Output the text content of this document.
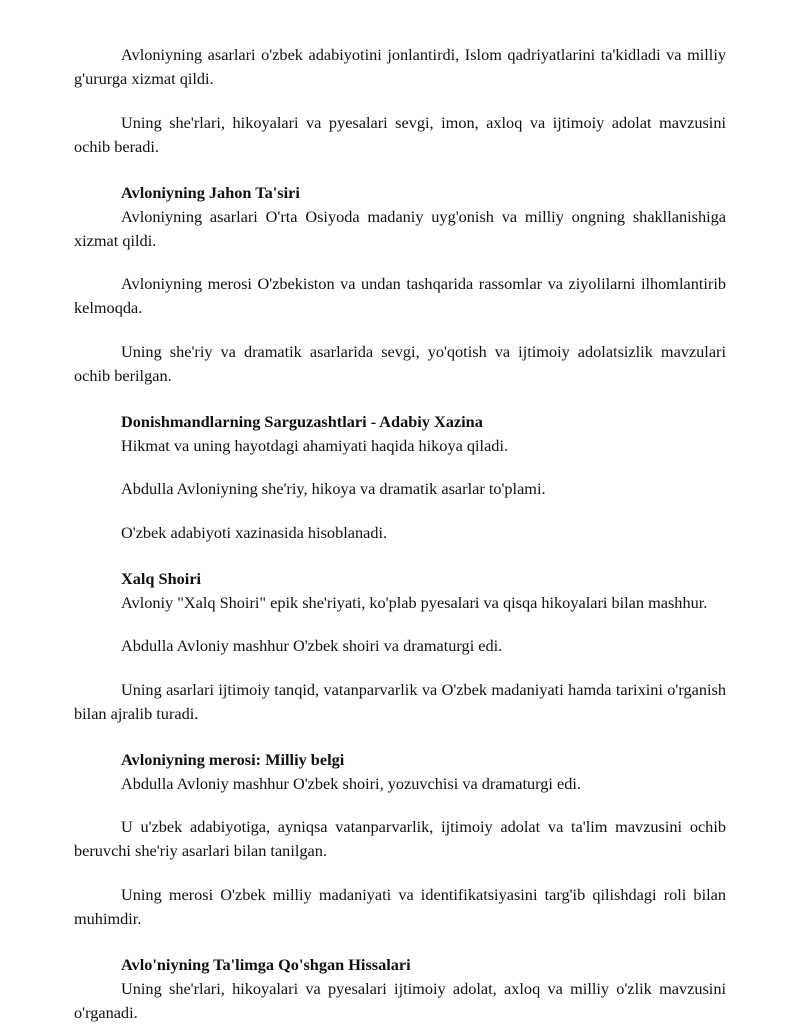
Avloniyning asarlari o'zbek adabiyotini jonlantirdi, Islom qadriyatlarini ta'kidladi va milliy g'ururga xizmat qildi.

Uning she'rlari, hikoyalari va pyesalari sevgi, imon, axloq va ijtimoiy adolat mavzusini ochib beradi.

Avloniyning Jahon Ta'siri

Avloniyning asarlari O'rta Osiyoda madaniy uyg'onish va milliy ongning shakllanishiga xizmat qildi.

Avloniyning merosi O'zbekiston va undan tashqarida rassomlar va ziyolilarni ilhomlantirib kelmoqda.

Uning she'riy va dramatik asarlarida sevgi, yo'qotish va ijtimoiy adolatsizlik mavzulari ochib berilgan.

Donishmandlarning Sarguzashtlari - Adabiy Xazina

Hikmat va uning hayotdagi ahamiyati haqida hikoya qiladi.

Abdulla Avloniyning she'riy, hikoya va dramatik asarlar to'plami.

O'zbek adabiyoti xazinasida hisoblanadi.

Xalq Shoiri

Avloniy "Xalq Shoiri" epik she'riyati, ko'plab pyesalari va qisqa hikoyalari bilan mashhur.

Abdulla Avloniy mashhur O'zbek shoiri va dramaturgi edi.

Uning asarlari ijtimoiy tanqid, vatanparvarlik va O'zbek madaniyati hamda tarixini o'rganish bilan ajralib turadi.

Avloniyning merosi: Milliy belgi

Abdulla Avloniy mashhur O'zbek shoiri, yozuvchisi va dramaturgi edi.

U u'zbek adabiyotiga, ayniqsa vatanparvarlik, ijtimoiy adolat va ta'lim mavzusini ochib beruvchi she'riy asarlari bilan tanilgan.

Uning merosi O'zbek milliy madaniyati va identifikatsiyasini targ'ib qilishdagi roli bilan muhimdir.

Avlo'niyning Ta'limga Qo'shgan Hissalari

Uning she'rlari, hikoyalari va pyesalari ijtimoiy adolat, axloq va milliy o'zlik mavzusini o'rganadi.
